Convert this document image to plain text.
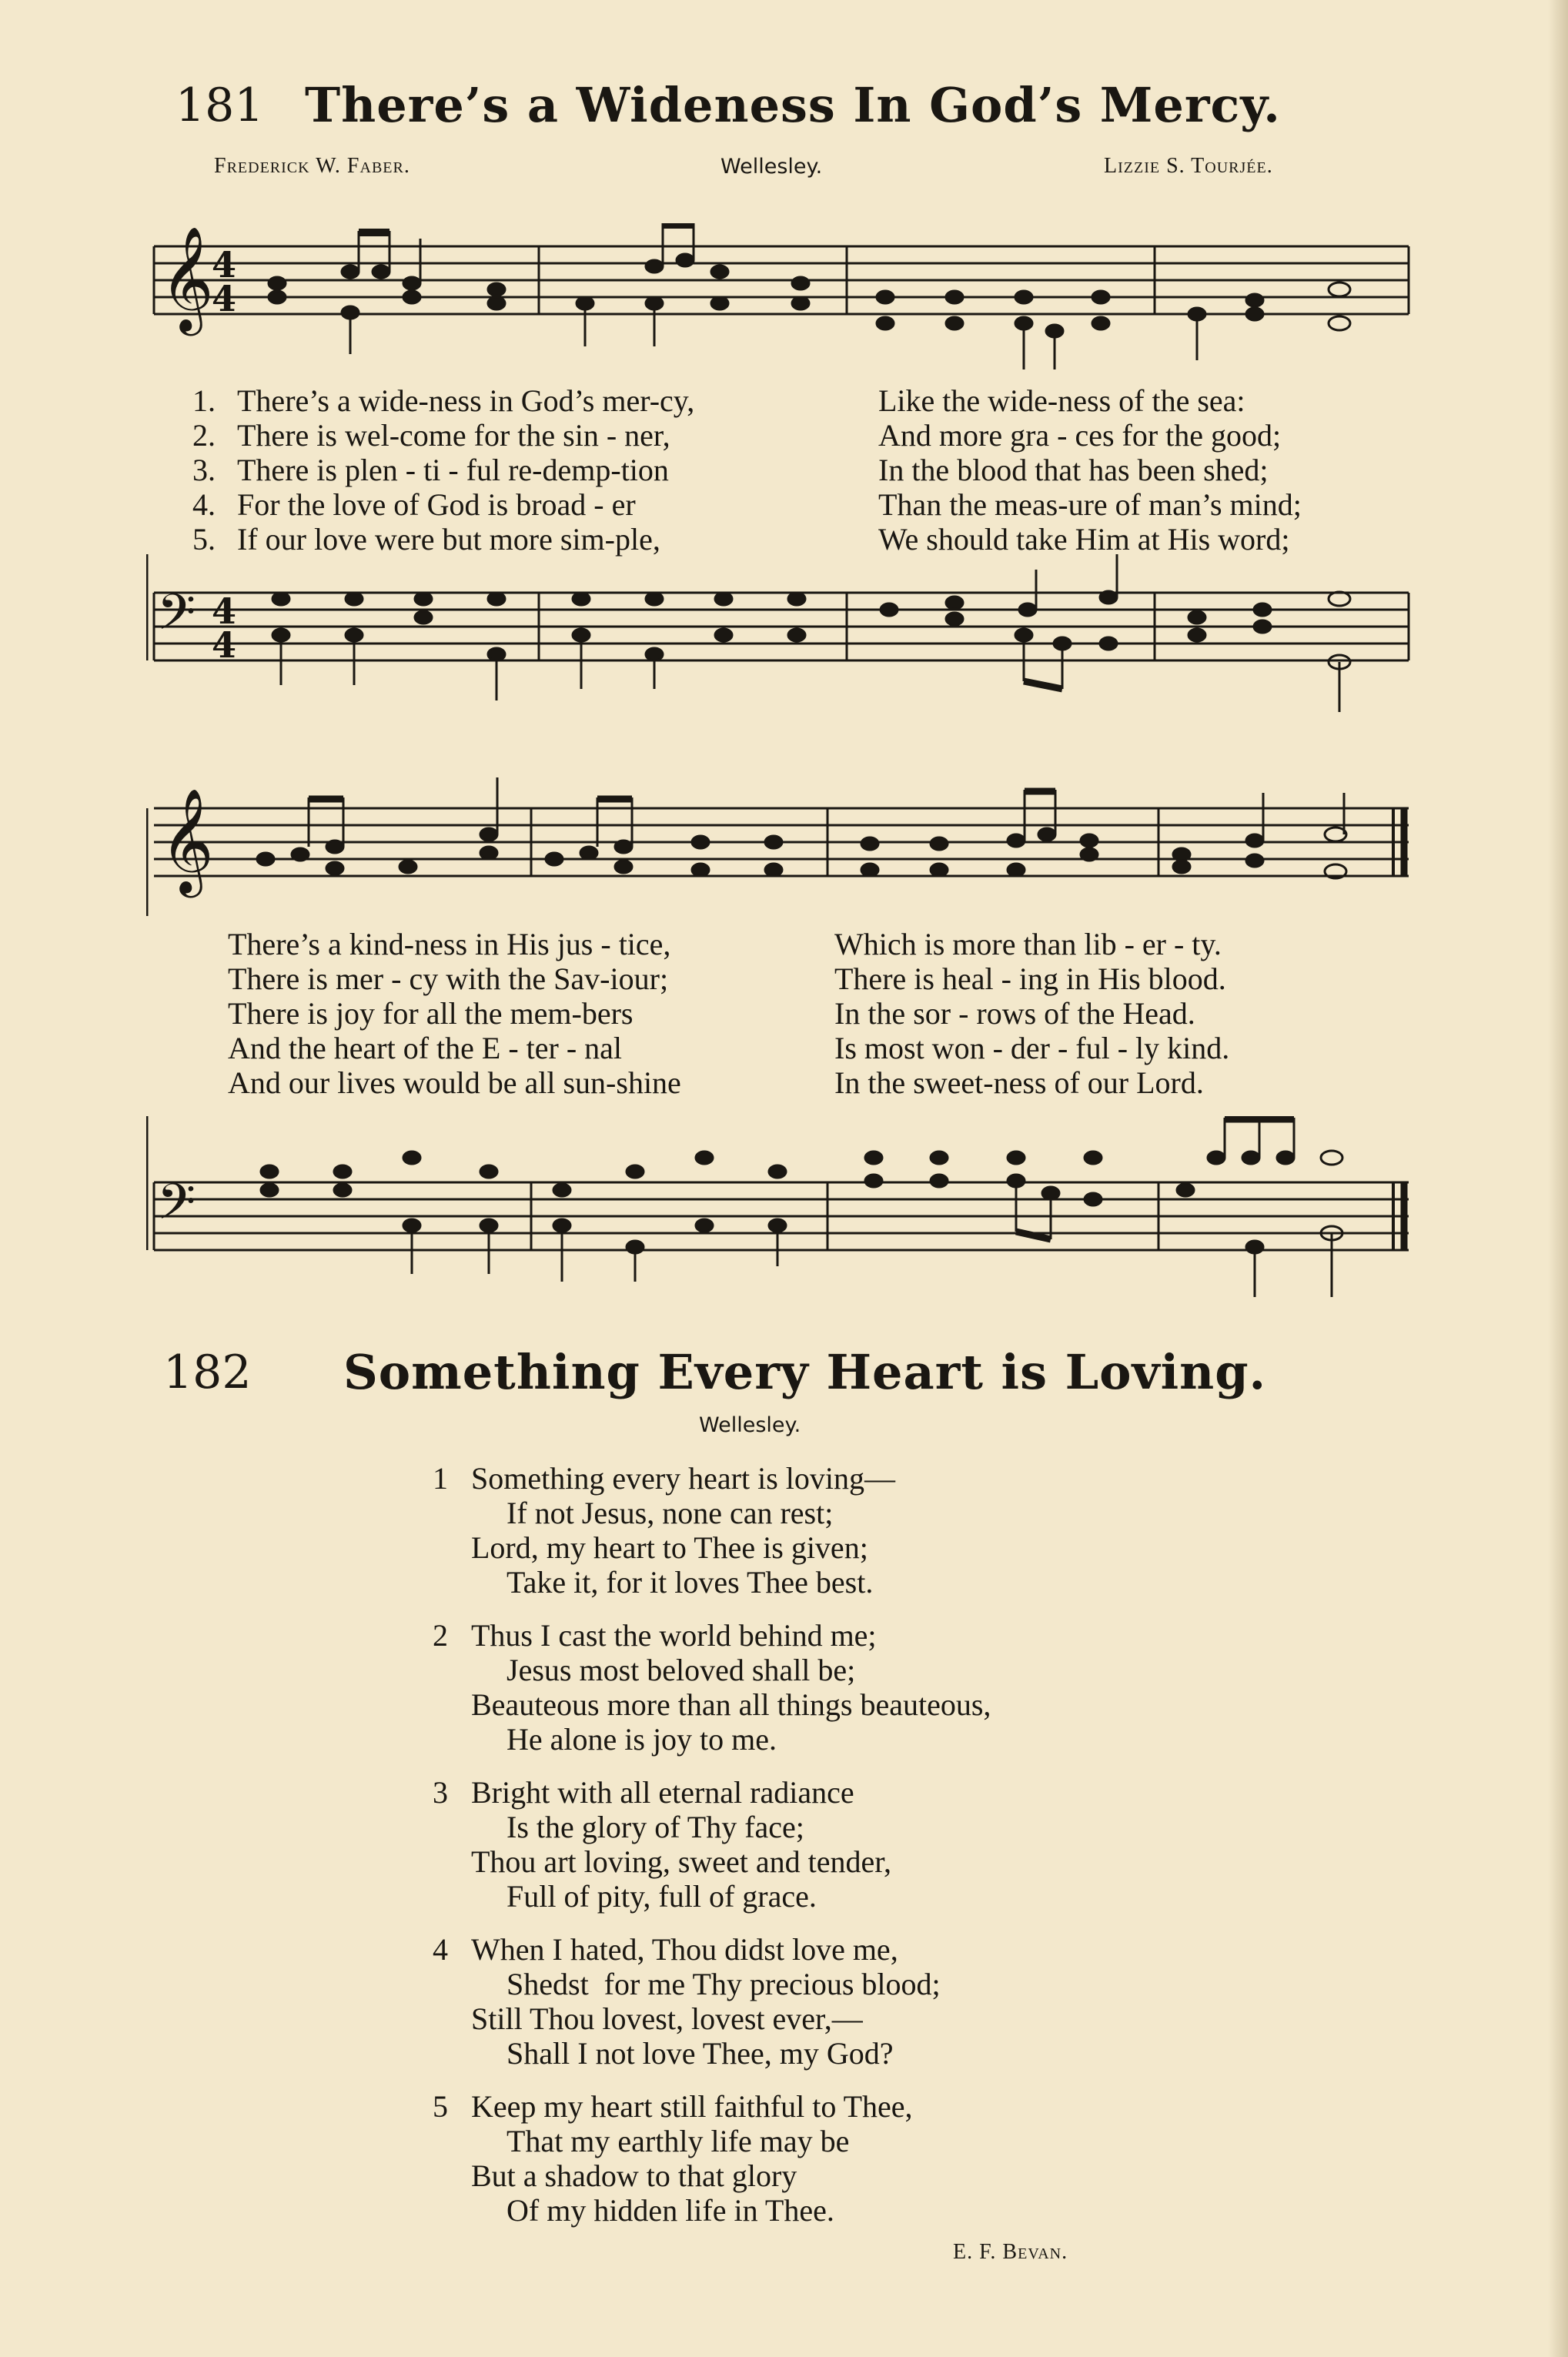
181 There’s a Wideness In God’s Mercy.
Frederick W. Faber.	Wellesley.	Lizzie S. Tourjée.
𝄞
4
4
1. There’s a wide-ness in God’s mer-cy,	Like the wide-ness of the sea:
2. There is wel-come for the sin - ner,	And more gra - ces for the good;
3. There is plen - ti - ful re-demp-tion	In the blood that has been shed;
4. For the love of God is broad - er	Than the meas-ure of man’s mind;
5. If our love were but more sim-ple,	We should take Him at His word;
𝄢 4
4
𝄞
There’s a kind-ness in His jus - tice,	Which is more than lib - er - ty.
There is mer - cy with the Sav-iour;	There is heal - ing in His blood.
There is joy for all the mem-bers	In the sor - rows of the Head.
And the heart of the E - ter - nal	Is most won - der - ful - ly kind.
And our lives would be all sun-shine	In the sweet-ness of our Lord.
𝄢
182 Something Every Heart is Loving.
Wellesley.
1 Something every heart is loving—
If not Jesus, none can rest;
Lord, my heart to Thee is given;
Take it, for it loves Thee best.
2 Thus I cast the world behind me;
Jesus most beloved shall be;
Beauteous more than all things beauteous,
He alone is joy to me.
3 Bright with all eternal radiance
Is the glory of Thy face;
Thou art loving, sweet and tender,
Full of pity, full of grace.
4 When I hated, Thou didst love me,
Shedst  for me Thy precious blood;
Still Thou lovest, lovest ever,—
Shall I not love Thee, my God?
5 Keep my heart still faithful to Thee,
That my earthly life may be
But a shadow to that glory
Of my hidden life in Thee.
E. F. Bevan.
